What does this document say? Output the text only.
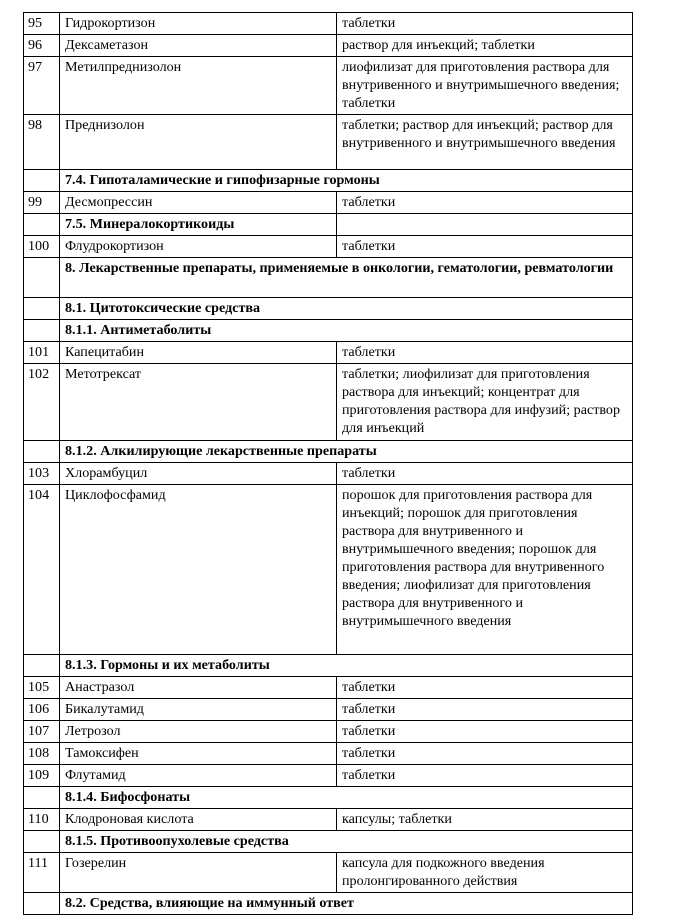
95	Гидрокортизон	таблетки
96	Дексаметазон	раствор для инъекций; таблетки
97	Метилпреднизолон	лиофилизат для приготовления раствора для внутривенного и внутримышечного введения; таблетки
98	Преднизолон	таблетки; раствор для инъекций; раствор для внутривенного и внутримышечного введения
	7.4. Гипоталамические и гипофизарные гормоны	
99	Десмопрессин	таблетки
	7.5. Минералокортикоиды	
100	Флудрокортизон	таблетки
	8. Лекарственные препараты, применяемые в онкологии, гематологии, ревматологии	
	8.1. Цитотоксические средства	
	8.1.1. Антиметаболиты	
101	Капецитабин	таблетки
102	Метотрексат	таблетки; лиофилизат для приготовления раствора для инъекций; концентрат для приготовления раствора для инфузий; раствор для инъекций
	8.1.2. Алкилирующие лекарственные препараты	
103	Хлорамбуцил	таблетки
104	Циклофосфамид	порошок для приготовления раствора для инъекций; порошок для приготовления раствора для внутривенного и внутримышечного введения; порошок для приготовления раствора для внутривенного введения; лиофилизат для приготовления раствора для внутривенного и внутримышечного введения
	8.1.3. Гормоны и их метаболиты	
105	Анастразол	таблетки
106	Бикалутамид	таблетки
107	Летрозол	таблетки
108	Тамоксифен	таблетки
109	Флутамид	таблетки
	8.1.4. Бифосфонаты	
110	Клодроновая кислота	капсулы; таблетки
	8.1.5. Противоопухолевые средства	
111	Гозерелин	капсула для подкожного введения пролонгированного действия
	8.2. Средства, влияющие на иммунный ответ	
